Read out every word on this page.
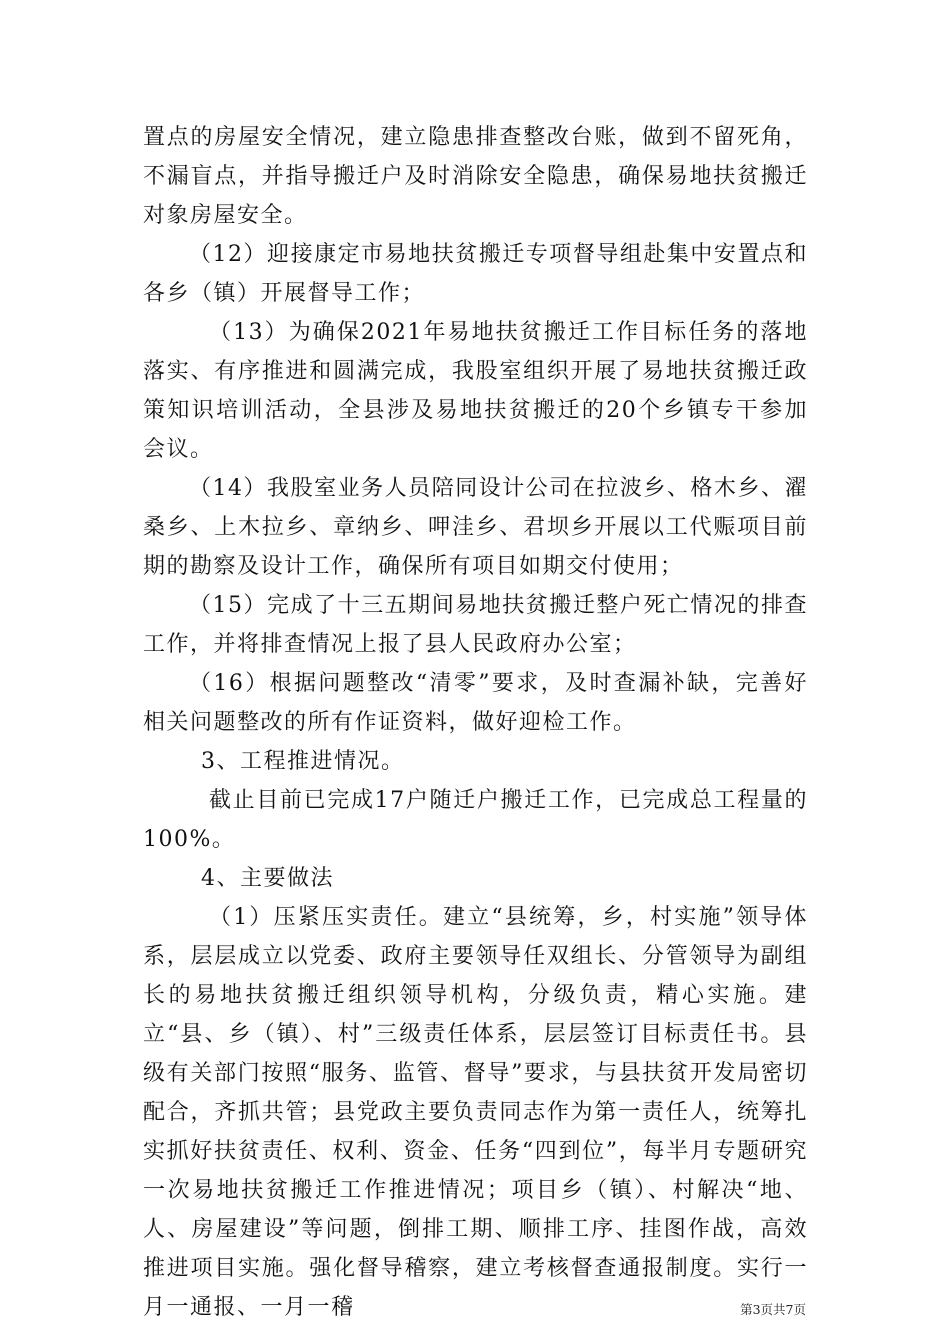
置点的房屋安全情况，建立隐患排查整改台账，做到不留死角，不漏盲点，并指导搬迁户及时消除安全隐患，确保易地扶贫搬迁对象房屋安全。

（12）迎接康定市易地扶贫搬迁专项督导组赴集中安置点和各乡（镇）开展督导工作；

（13）为确保2021年易地扶贫搬迁工作目标任务的落地落实、有序推进和圆满完成，我股室组织开展了易地扶贫搬迁政策知识培训活动，全县涉及易地扶贫搬迁的20个乡镇专干参加会议。

（14）我股室业务人员陪同设计公司在拉波乡、格木乡、濯桑乡、上木拉乡、章纳乡、呷洼乡、君坝乡开展以工代赈项目前期的勘察及设计工作，确保所有项目如期交付使用；

（15）完成了十三五期间易地扶贫搬迁整户死亡情况的排查工作，并将排查情况上报了县人民政府办公室；

（16）根据问题整改“清零”要求，及时查漏补缺，完善好相关问题整改的所有作证资料，做好迎检工作。

3、工程推进情况。

截止目前已完成17户随迁户搬迁工作，已完成总工程量的100%。

4、主要做法

（1）压紧压实责任。建立“县统筹，乡，村实施”领导体系，层层成立以党委、政府主要领导任双组长、分管领导为副组长的易地扶贫搬迁组织领导机构，分级负责，精心实施。建立“县、乡（镇）、村”三级责任体系，层层签订目标责任书。县级有关部门按照“服务、监管、督导”要求，与县扶贫开发局密切配合，齐抓共管；县党政主要负责同志作为第一责任人，统筹扎实抓好扶贫责任、权利、资金、任务“四到位”，每半月专题研究一次易地扶贫搬迁工作推进情况；项目乡（镇）、村解决“地、人、房屋建设”等问题，倒排工期、顺排工序、挂图作战，高效推进项目实施。强化督导稽察，建立考核督查通报制度。实行一月一通报、一月一稽	第3页共7页
